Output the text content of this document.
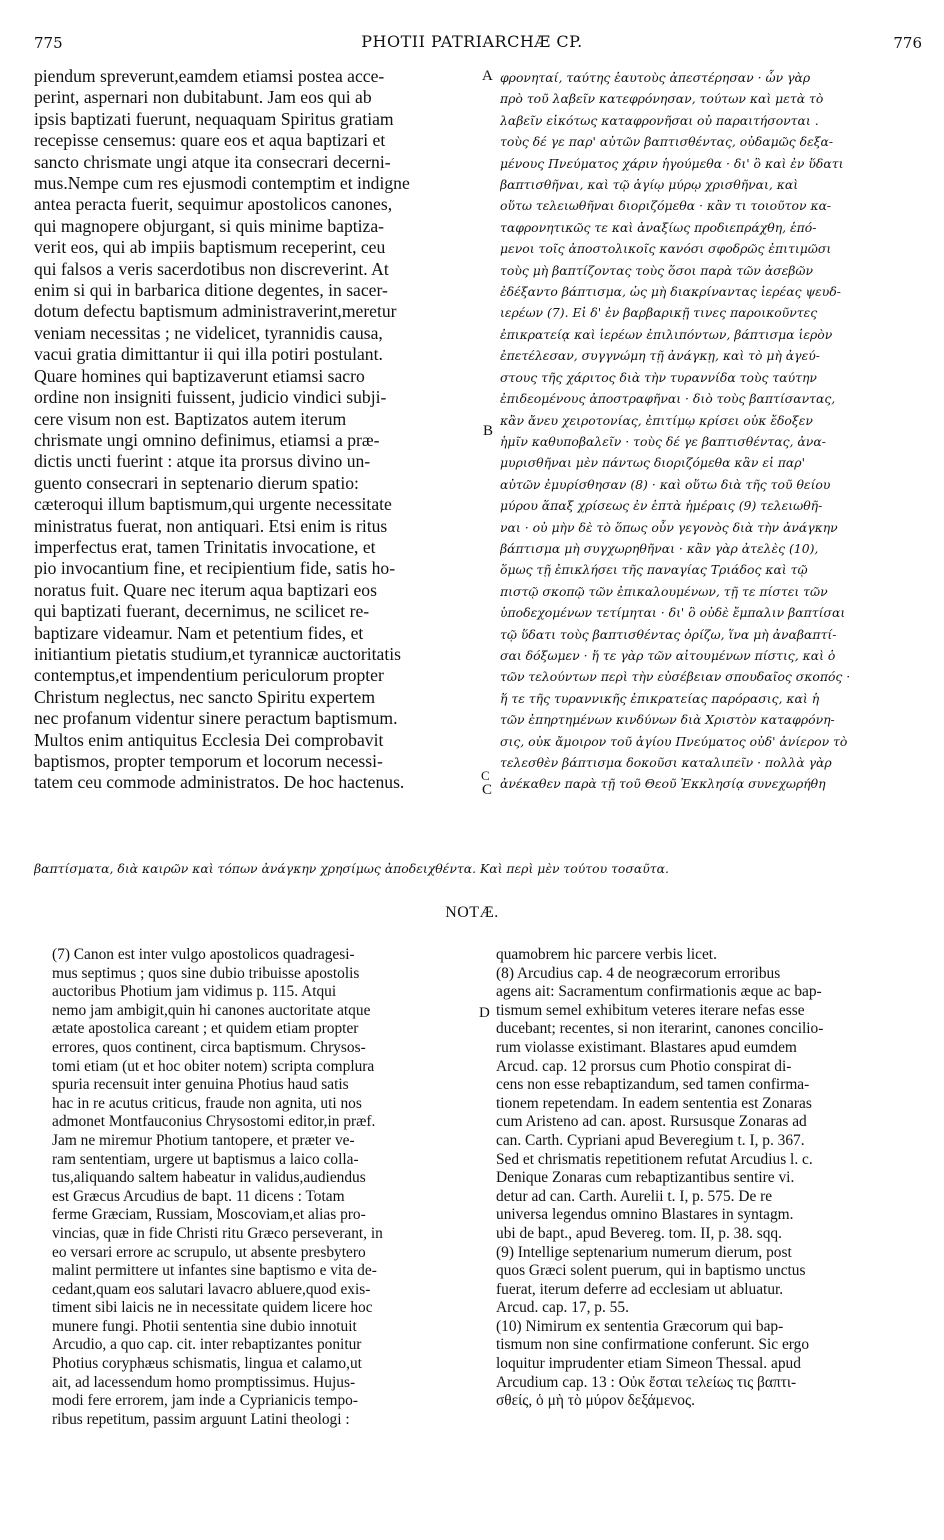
775	PHOTII PATRIARCHÆ CP.	776
piendum spreverunt,eamdem etiamsi postea acce-
perint, aspernari non dubitabunt. Jam eos qui ab
ipsis baptizati fuerunt, nequaquam Spiritus gratiam
recepisse censemus: quare eos et aqua baptizari et
sancto chrismate ungi atque ita consecrari decerni-
mus.Nempe cum res ejusmodi contemptim et indigne
antea peracta fuerit, sequimur apostolicos canones,
qui magnopere objurgant, si quis minime baptiza-
verit eos, qui ab impiis baptismum receperint, ceu
qui falsos a veris sacerdotibus non discreverint. At
enim si qui in barbarica ditione degentes, in sacer-
dotum defectu baptismum administraverint,meretur
veniam necessitas ; ne videlicet, tyrannidis causa,
vacui gratia dimittantur ii qui illa potiri postulant.
Quare homines qui baptizaverunt etiamsi sacro
ordine non insigniti fuissent, judicio vindici subji-
cere visum non est. Baptizatos autem iterum
chrismate ungi omnino definimus, etiamsi a præ-
dictis uncti fuerint : atque ita prorsus divino un-
guento consecrari in septenario dierum spatio:
cæteroqui illum baptismum,qui urgente necessitate
ministratus fuerat, non antiquari. Etsi enim is ritus
imperfectus erat, tamen Trinitatis invocatione, et
pio invocantium fine, et recipientium fide, satis ho-
noratus fuit. Quare nec iterum aqua baptizari eos
qui baptizati fuerant, decernimus, ne scilicet re-
baptizare videamur. Nam et petentium fides, et
initiantium pietatis studium,et tyrannicæ auctoritatis
contemptus,et impendentium periculorum propter
Christum neglectus, nec sancto Spiritu expertem
nec profanum videntur sinere peractum baptismum.
Multos enim antiquitus Ecclesia Dei comprobavit
baptismos, propter temporum et locorum necessi-
tatem ceu commode administratos. De hoc hactenus.
φρονηταί, ταύτης ἑαυτοὺς ἀπεστέρησαν · ὧν γὰρ
πρὸ τοῦ λαβεῖν κατεφρόνησαν, τούτων καὶ μετὰ τὸ
λαβεῖν εἰκότως καταφρονῆσαι οὐ παραιτήσονται .
τοὺς δέ γε παρ' αὐτῶν βαπτισθέντας, οὐδαμῶς δεξα-
μένους Πνεύματος χάριν ἡγούμεθα · δι' ὃ καὶ ἐν ὕδατι
βαπτισθῆναι, καὶ τῷ ἁγίῳ μύρῳ χρισθῆναι, καὶ
οὕτω τελειωθῆναι διοριζόμεθα · κἂν τι τοιοῦτον κα-
ταφρονητικῶς τε καὶ ἀναξίως προδιεπράχθη, ἑπό-
μενοι τοῖς ἀποστολικοῖς κανόσι σφοδρῶς ἐπιτιμῶσι
τοὺς μὴ βαπτίζοντας τοὺς ὅσοι παρὰ τῶν ἀσεβῶν
ἐδέξαντο βάπτισμα, ὡς μὴ διακρίναντας ἱερέας ψευδ-
ιερέων (7). Εἰ δ' ἐν βαρβαρικῇ τινες παροικοῦντες
ἐπικρατείᾳ καὶ ἱερέων ἐπιλιπόντων, βάπτισμα ἱερὸν
ἐπετέλεσαν, συγγνώμη τῇ ἀνάγκῃ, καὶ τὸ μὴ ἀγεύ-
στους τῆς χάριτος διὰ τὴν τυραννίδα τοὺς ταύτην
ἐπιδεομένους ἀποστραφῆναι · διὸ τοὺς βαπτίσαντας,
κἂν ἄνευ χειροτονίας, ἐπιτίμῳ κρίσει οὐκ ἔδοξεν
ἡμῖν καθυποβαλεῖν · τοὺς δέ γε βαπτισθέντας, ἀνα-
μυρισθῆναι μὲν πάντως διοριζόμεθα κἂν εἰ παρ'
αὐτῶν ἐμυρίσθησαν (8) · καὶ οὕτω διὰ τῆς τοῦ θείου
μύρου ἅπαξ χρίσεως ἐν ἑπτὰ ἡμέραις (9) τελειωθῆ-
ναι · οὐ μὴν δὲ τὸ ὅπως οὖν γεγονὸς διὰ τὴν ἀνάγκην
βάπτισμα μὴ συγχωρηθῆναι · κἂν γὰρ ἀτελὲς (10),
ὅμως τῇ ἐπικλήσει τῆς παναγίας Τριάδος καὶ τῷ
πιστῷ σκοπῷ τῶν ἐπικαλουμένων, τῇ τε πίστει τῶν
ὑποδεχομένων τετίμηται · δι' ὃ οὐδὲ ἔμπαλιν βαπτίσαι
τῷ ὕδατι τοὺς βαπτισθέντας ὁρίζω, ἵνα μὴ ἀναβαπτί-
σαι δόξωμεν · ἥ τε γὰρ τῶν αἰτουμένων πίστις, καὶ ὁ
τῶν τελούντων περὶ τὴν εὐσέβειαν σπουδαῖος σκοπός ·
ἥ τε τῆς τυραννικῆς ἐπικρατείας παρόρασις, καὶ ἡ
τῶν ἐπηρτημένων κινδύνων διὰ Χριστὸν καταφρόνη-
σις, οὐκ ἄμοιρον τοῦ ἁγίου Πνεύματος οὐδ' ἀνίερον τὸ
τελεσθὲν βάπτισμα δοκοῦσι καταλιπεῖν · πολλὰ γὰρ
ἀνέκαθεν παρὰ τῇ τοῦ Θεοῦ Ἐκκλησίᾳ συνεχωρήθη
A
B
C
C
D
βαπτίσματα, διὰ καιρῶν καὶ τόπων ἀνάγκην χρησίμως ἀποδειχθέντα. Καὶ περὶ μὲν τούτου τοσαῦτα.
NOTÆ.
(7) Canon est inter vulgo apostolicos quadragesi-
mus septimus ; quos sine dubio tribuisse apostolis
auctoribus Photium jam vidimus p. 115. Atqui
nemo jam ambigit,quin hi canones auctoritate atque
ætate apostolica careant ; et quidem etiam propter
errores, quos continent, circa baptismum. Chrysos-
tomi etiam (ut et hoc obiter notem) scripta complura
spuria recensuit inter genuina Photius haud satis
hac in re acutus criticus, fraude non agnita, uti nos
admonet Montfauconius Chrysostomi editor,in præf.
Jam ne miremur Photium tantopere, et præter ve-
ram sententiam, urgere ut baptismus a laico colla-
tus,aliquando saltem habeatur in validus,audiendus
est Græcus Arcudius de bapt. 11 dicens : Totam
ferme Græciam, Russiam, Moscoviam,et alias pro-
vincias, quæ in fide Christi ritu Græco perseverant, in
eo versari errore ac scrupulo, ut absente presbytero
malint permittere ut infantes sine baptismo e vita de-
cedant,quam eos salutari lavacro abluere,quod exis-
timent sibi laicis ne in necessitate quidem licere hoc
munere fungi. Photii sententia sine dubio innotuit
Arcudio, a quo cap. cit. inter rebaptizantes ponitur
Photius coryphæus schismatis, lingua et calamo,ut
ait, ad lacessendum homo promptissimus. Hujus-
modi fere errorem, jam inde a Cyprianicis tempo-
ribus repetitum, passim arguunt Latini theologi :
quamobrem hic parcere verbis licet.
(8) Arcudius cap. 4 de neogræcorum erroribus
agens ait: Sacramentum confirmationis æque ac bap-
tismum semel exhibitum veteres iterare nefas esse
ducebant; recentes, si non iterarint, canones concilio-
rum violasse existimant. Blastares apud eumdem
Arcud. cap. 12 prorsus cum Photio conspirat di-
cens non esse rebaptizandum, sed tamen confirma-
tionem repetendam. In eadem sententia est Zonaras
cum Aristeno ad can. apost. Rursusque Zonaras ad
can. Carth. Cypriani apud Beveregium t. I, p. 367.
Sed et chrismatis repetitionem refutat Arcudius l. c.
Denique Zonaras cum rebaptizantibus sentire vi.
detur ad can. Carth. Aurelii t. I, p. 575. De re
universa legendus omnino Blastares in syntagm.
ubi de bapt., apud Bevereg. tom. II, p. 38. sqq.
(9) Intellige septenarium numerum dierum, post
quos Græci solent puerum, qui in baptismo unctus
fuerat, iterum deferre ad ecclesiam ut abluatur.
Arcud. cap. 17, p. 55.
(10) Nimirum ex sententia Græcorum qui bap-
tismum non sine confirmatione conferunt. Sic ergo
loquitur imprudenter etiam Simeon Thessal. apud
Arcudium cap. 13 : Οὐκ ἔσται τελείως τις βαπτι-
σθείς, ὁ μὴ τὸ μύρον δεξάμενος.
